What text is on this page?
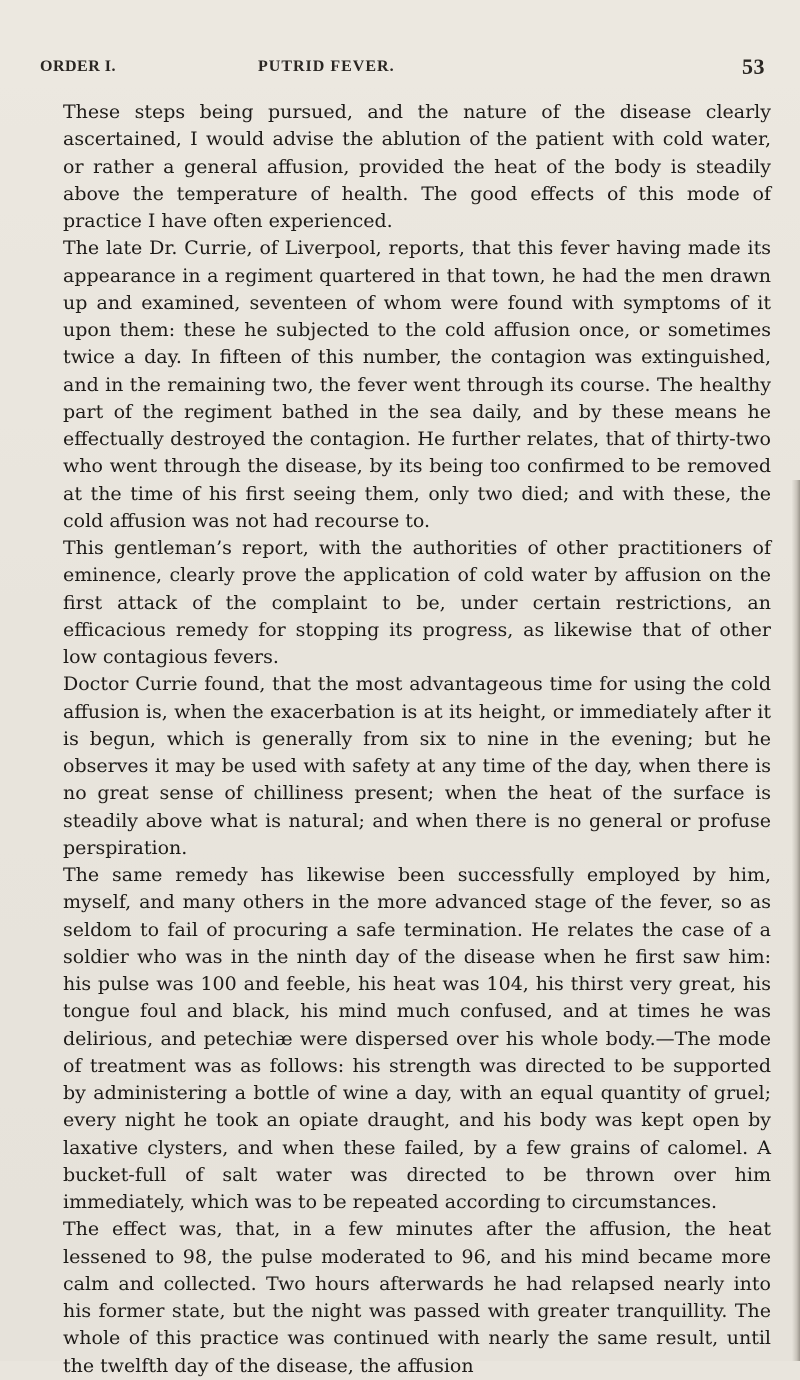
ORDER I.	PUTRID FEVER.	53

These steps being pursued, and the nature of the disease clearly ascertained, I would advise the ablution of the patient with cold water, or rather a general affusion, provided the heat of the body is steadily above the temperature of health. The good effects of this mode of practice I have often experienced.

The late Dr. Currie, of Liverpool, reports, that this fever having made its appearance in a regiment quartered in that town, he had the men drawn up and examined, seventeen of whom were found with symptoms of it upon them: these he subjected to the cold affusion once, or sometimes twice a day. In fifteen of this number, the contagion was extinguished, and in the remaining two, the fever went through its course. The healthy part of the regiment bathed in the sea daily, and by these means he effectually destroyed the contagion. He further relates, that of thirty-two who went through the disease, by its being too confirmed to be removed at the time of his first seeing them, only two died; and with these, the cold affusion was not had recourse to.

This gentleman’s report, with the authorities of other practitioners of eminence, clearly prove the application of cold water by affusion on the first attack of the complaint to be, under certain restrictions, an efficacious remedy for stopping its progress, as likewise that of other low contagious fevers.

Doctor Currie found, that the most advantageous time for using the cold affusion is, when the exacerbation is at its height, or immediately after it is begun, which is generally from six to nine in the evening; but he observes it may be used with safety at any time of the day, when there is no great sense of chilliness present; when the heat of the surface is steadily above what is natural; and when there is no general or profuse perspiration.

The same remedy has likewise been successfully employed by him, myself, and many others in the more advanced stage of the fever, so as seldom to fail of procuring a safe termination. He relates the case of a soldier who was in the ninth day of the disease when he first saw him: his pulse was 100 and feeble, his heat was 104, his thirst very great, his tongue foul and black, his mind much confused, and at times he was delirious, and petechiæ were dispersed over his whole body.—The mode of treatment was as follows: his strength was directed to be supported by administering a bottle of wine a day, with an equal quantity of gruel; every night he took an opiate draught, and his body was kept open by laxative clysters, and when these failed, by a few grains of calomel. A bucket-full of salt water was directed to be thrown over him immediately, which was to be repeated according to circumstances.

The effect was, that, in a few minutes after the affusion, the heat lessened to 98, the pulse moderated to 96, and his mind became more calm and collected. Two hours afterwards he had relapsed nearly into his former state, but the night was passed with greater tranquillity. The whole of this practice was continued with nearly the same result, until the twelfth day of the disease, the affusion
